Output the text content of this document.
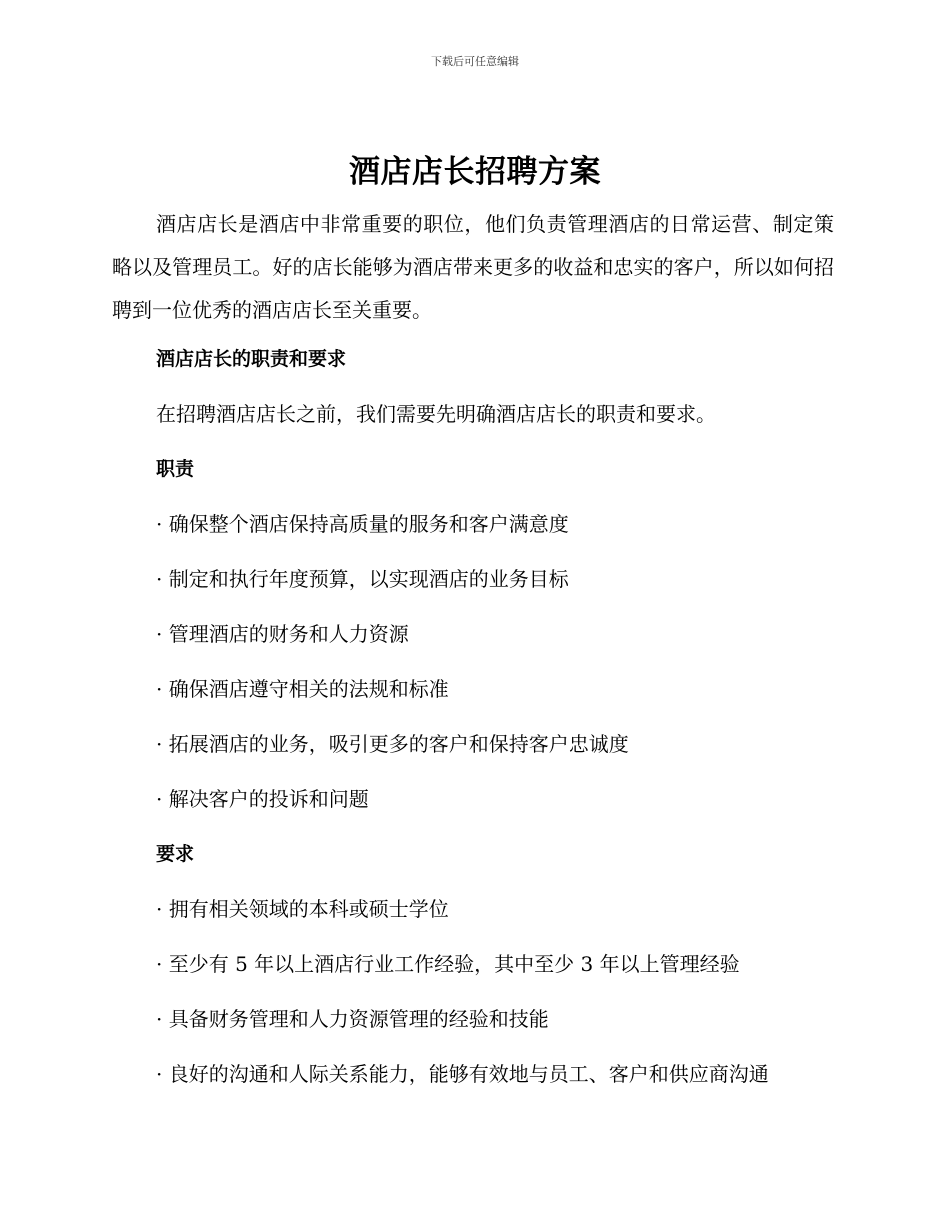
下载后可任意编辑
酒店店长招聘方案

酒店店长是酒店中非常重要的职位，他们负责管理酒店的日常运营、制定策略以及管理员工。好的店长能够为酒店带来更多的收益和忠实的客户，所以如何招聘到一位优秀的酒店店长至关重要。

酒店店长的职责和要求
在招聘酒店店长之前，我们需要先明确酒店店长的职责和要求。
职责
· 确保整个酒店保持高质量的服务和客户满意度
· 制定和执行年度预算，以实现酒店的业务目标
· 管理酒店的财务和人力资源
· 确保酒店遵守相关的法规和标准
· 拓展酒店的业务，吸引更多的客户和保持客户忠诚度
· 解决客户的投诉和问题
要求
· 拥有相关领域的本科或硕士学位
· 至少有 5 年以上酒店行业工作经验，其中至少 3 年以上管理经验
· 具备财务管理和人力资源管理的经验和技能
· 良好的沟通和人际关系能力，能够有效地与员工、客户和供应商沟通
